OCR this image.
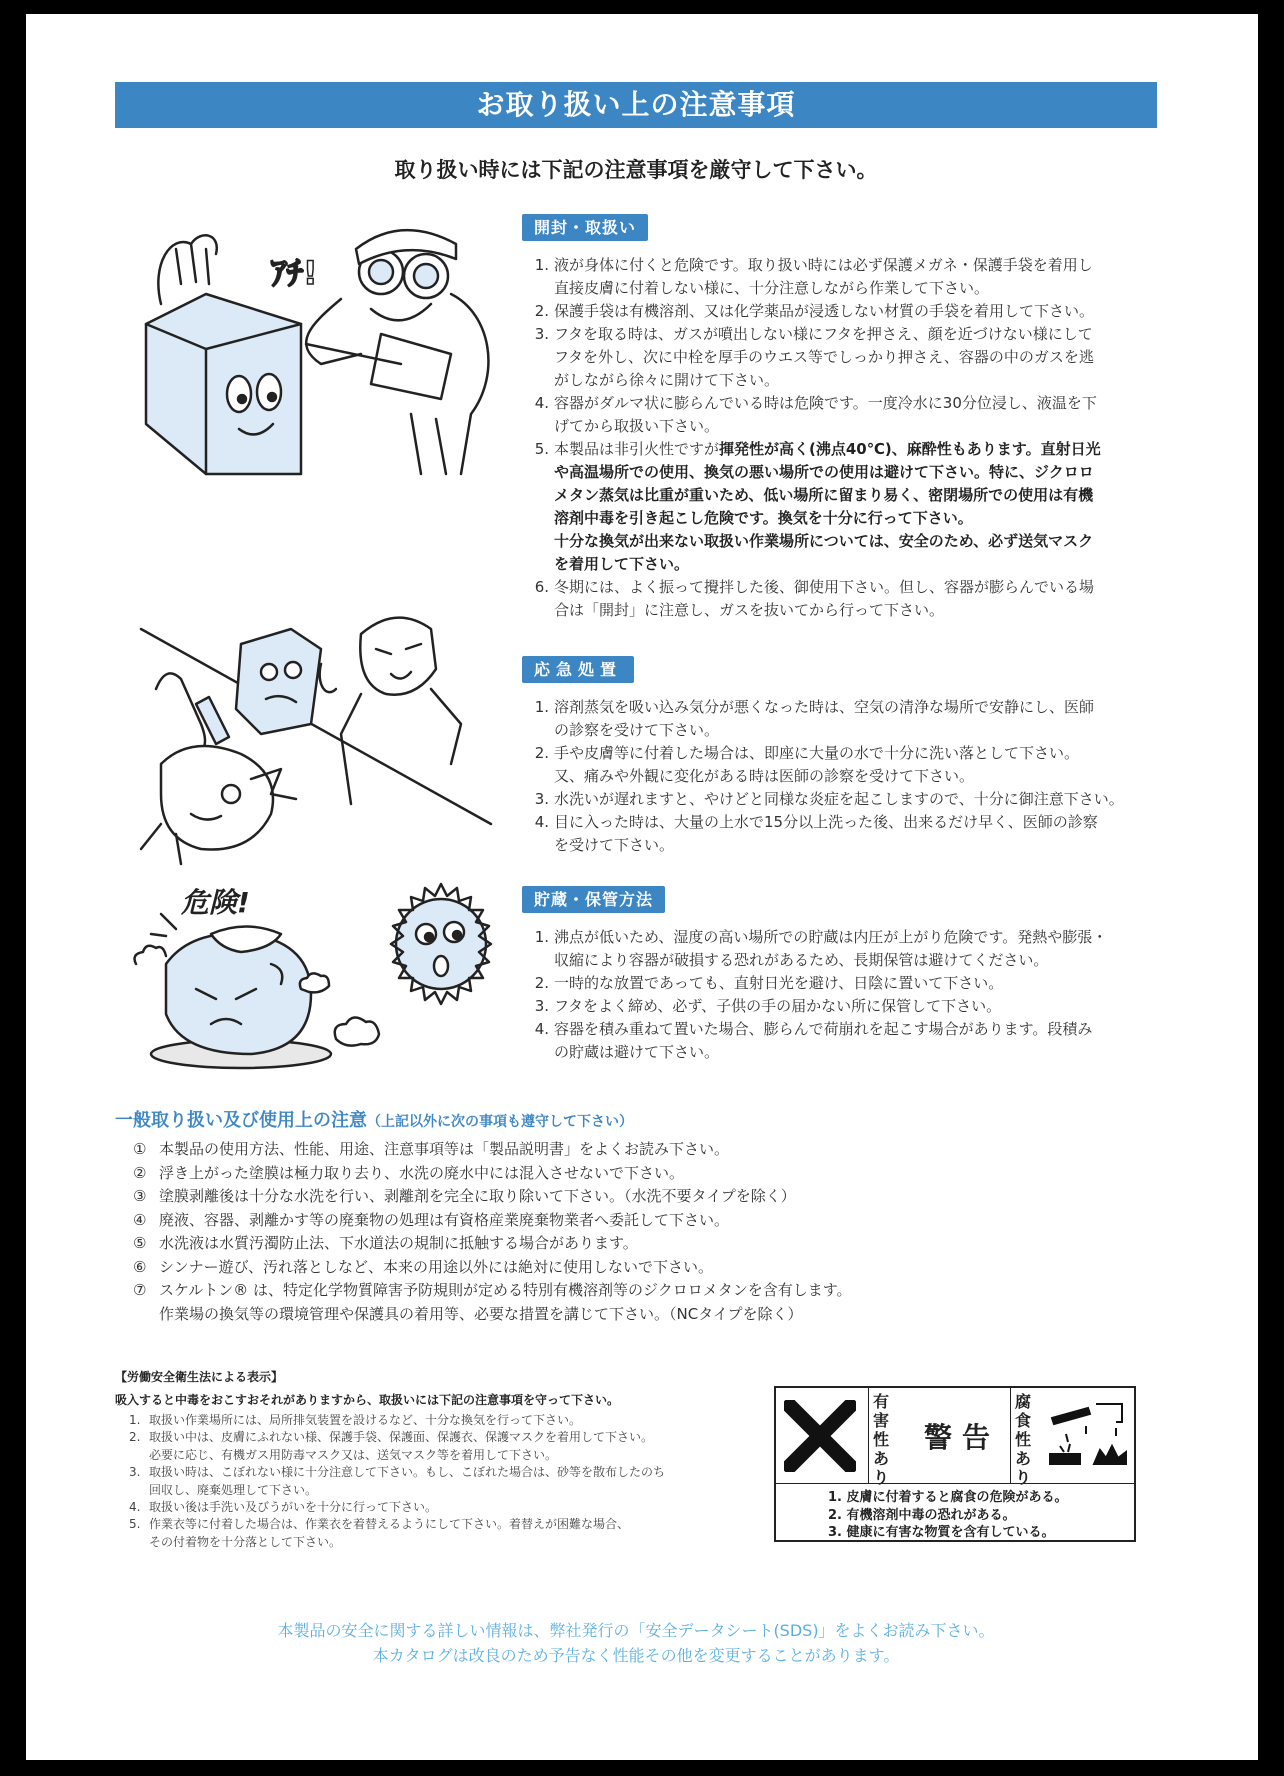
お取り扱い上の注意事項
取り扱い時には下記の注意事項を厳守して下さい。
ｱﾁ!
危険!
開封・取扱い
1. 液が身体に付くと危険です。取り扱い時には必ず保護メガネ・保護手袋を着用し
直接皮膚に付着しない様に、十分注意しながら作業して下さい。
2. 保護手袋は有機溶剤、又は化学薬品が浸透しない材質の手袋を着用して下さい。
3. フタを取る時は、ガスが噴出しない様にフタを押さえ、顔を近づけない様にして
フタを外し、次に中栓を厚手のウエス等でしっかり押さえ、容器の中のガスを逃
がしながら徐々に開けて下さい。
4. 容器がダルマ状に膨らんでいる時は危険です。一度冷水に30分位浸し、液温を下
げてから取扱い下さい。
5. 本製品は非引火性ですが揮発性が高く(沸点40℃)、麻酔性もあります。直射日光
や高温場所での使用、換気の悪い場所での使用は避けて下さい。特に、ジクロロ
メタン蒸気は比重が重いため、低い場所に留まり易く、密閉場所での使用は有機
溶剤中毒を引き起こし危険です。換気を十分に行って下さい。
十分な換気が出来ない取扱い作業場所については、安全のため、必ず送気マスク
を着用して下さい。
6. 冬期には、よく振って攪拌した後、御使用下さい。但し、容器が膨らんでいる場
合は「開封」に注意し、ガスを抜いてから行って下さい。
応急処置
1. 溶剤蒸気を吸い込み気分が悪くなった時は、空気の清浄な場所で安静にし、医師
の診察を受けて下さい。
2. 手や皮膚等に付着した場合は、即座に大量の水で十分に洗い落として下さい。
又、痛みや外観に変化がある時は医師の診察を受けて下さい。
3. 水洗いが遅れますと、やけどと同様な炎症を起こしますので、十分に御注意下さい。
4. 目に入った時は、大量の上水で15分以上洗った後、出来るだけ早く、医師の診察
を受けて下さい。
貯蔵・保管方法
1. 沸点が低いため、湿度の高い場所での貯蔵は内圧が上がり危険です。発熱や膨張・
収縮により容器が破損する恐れがあるため、長期保管は避けてください。
2. 一時的な放置であっても、直射日光を避け、日陰に置いて下さい。
3. フタをよく締め、必ず、子供の手の届かない所に保管して下さい。
4. 容器を積み重ねて置いた場合、膨らんで荷崩れを起こす場合があります。段積み
の貯蔵は避けて下さい。
一般取り扱い及び使用上の注意（上記以外に次の事項も遵守して下さい）
① 本製品の使用方法、性能、用途、注意事項等は「製品説明書」をよくお読み下さい。
② 浮き上がった塗膜は極力取り去り、水洗の廃水中には混入させないで下さい。
③ 塗膜剥離後は十分な水洗を行い、剥離剤を完全に取り除いて下さい。（水洗不要タイプを除く）
④ 廃液、容器、剥離かす等の廃棄物の処理は有資格産業廃棄物業者へ委託して下さい。
⑤ 水洗液は水質汚濁防止法、下水道法の規制に抵触する場合があります。
⑥ シンナー遊び、汚れ落としなど、本来の用途以外には絶対に使用しないで下さい。
⑦ スケルトン® は、特定化学物質障害予防規則が定める特別有機溶剤等のジクロロメタンを含有します。
作業場の換気等の環境管理や保護具の着用等、必要な措置を講じて下さい。（NCタイプを除く）
【労働安全衛生法による表示】
吸入すると中毒をおこすおそれがありますから、取扱いには下記の注意事項を守って下さい。
1. 取扱い作業場所には、局所排気装置を設けるなど、十分な換気を行って下さい。
2. 取扱い中は、皮膚にふれない様、保護手袋、保護面、保護衣、保護マスクを着用して下さい。
必要に応じ、有機ガス用防毒マスク又は、送気マスク等を着用して下さい。
3. 取扱い時は、こぼれない様に十分注意して下さい。もし、こぼれた場合は、砂等を散布したのち
回収し、廃棄処理して下さい。
4. 取扱い後は手洗い及びうがいを十分に行って下さい。
5. 作業衣等に付着した場合は、作業衣を着替えるようにして下さい。着替えが困難な場合、
その付着物を十分落として下さい。
有害性あり
腐食性あり
警告
1. 皮膚に付着すると腐食の危険がある。
2. 有機溶剤中毒の恐れがある。
3. 健康に有害な物質を含有している。
本製品の安全に関する詳しい情報は、弊社発行の「安全データシート(SDS)」をよくお読み下さい。
本カタログは改良のため予告なく性能その他を変更することがあります。
